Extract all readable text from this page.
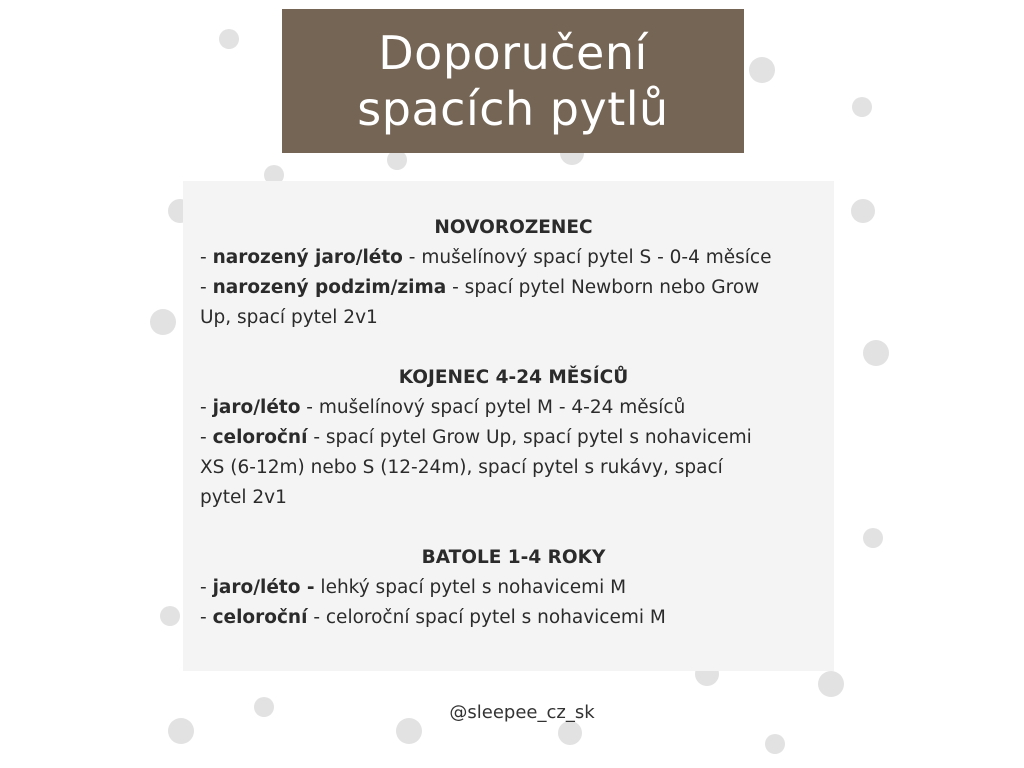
Doporučení
spacích pytlů
NOVOROZENEC
- narozený jaro/léto - mušelínový spací pytel S - 0-4 měsíce
- narozený podzim/zima - spací pytel Newborn nebo Grow
Up, spací pytel 2v1
KOJENEC 4-24 MĚSÍCŮ
- jaro/léto - mušelínový spací pytel M - 4-24 měsíců
- celoroční - spací pytel Grow Up, spací pytel s nohavicemi
XS (6-12m) nebo S (12-24m), spací pytel s rukávy, spací
pytel 2v1
BATOLE 1-4 ROKY
- jaro/léto - lehký spací pytel s nohavicemi M
- celoroční - celoroční spací pytel s nohavicemi M
@sleepee_cz_sk
